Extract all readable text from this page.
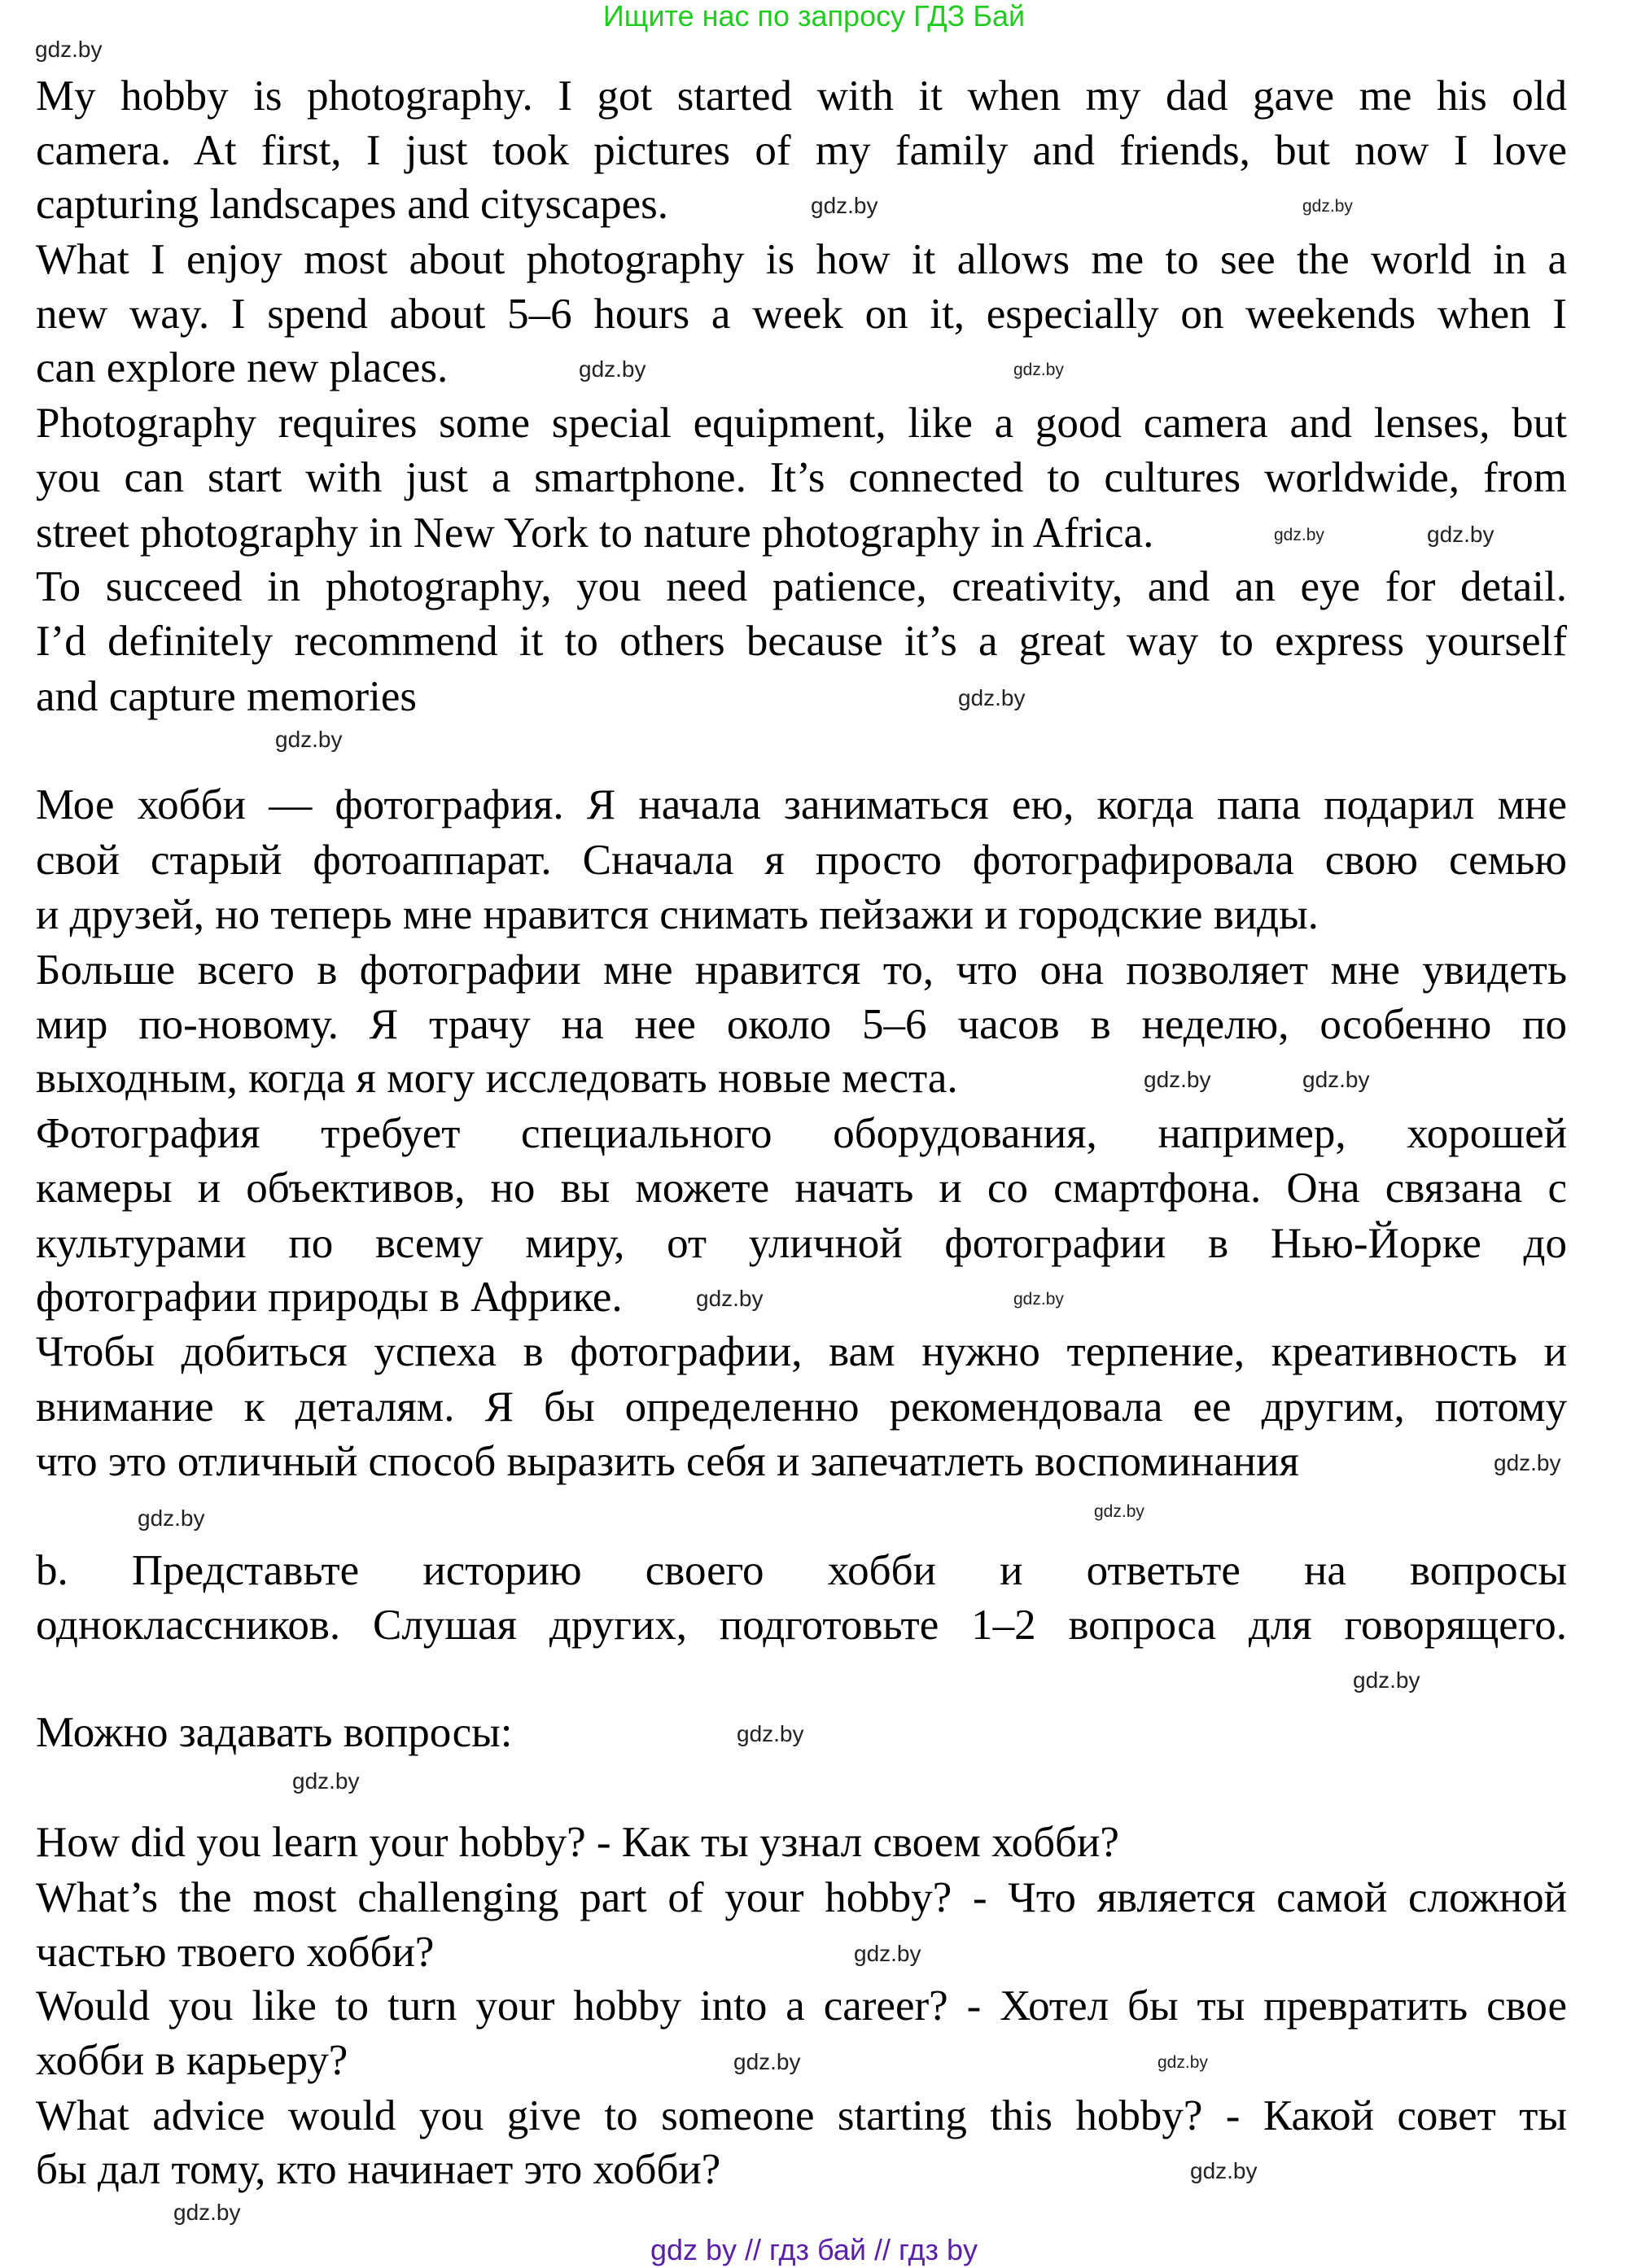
Ищите нас по запросу ГДЗ Бай
gdz by // гдз бай // гдз by
My hobby is photography. I got started with it when my dad gave me his old
camera. At first, I just took pictures of my family and friends, but now I love
capturing landscapes and cityscapes.
What I enjoy most about photography is how it allows me to see the world in a
new way. I spend about 5–6 hours a week on it, especially on weekends when I
can explore new places.
Photography requires some special equipment, like a good camera and lenses, but
you can start with just a smartphone. It’s connected to cultures worldwide, from
street photography in New York to nature photography in Africa.
To succeed in photography, you need patience, creativity, and an eye for detail.
I’d definitely recommend it to others because it’s a great way to express yourself
and capture memories
Мое хобби — фотография. Я начала заниматься ею, когда папа подарил мне
свой старый фотоаппарат. Сначала я просто фотографировала свою семью
и друзей, но теперь мне нравится снимать пейзажи и городские виды.
Больше всего в фотографии мне нравится то, что она позволяет мне увидеть
мир по-новому. Я трачу на нее около 5–6 часов в неделю, особенно по
выходным, когда я могу исследовать новые места.
Фотография требует специального оборудования, например, хорошей
камеры и объективов, но вы можете начать и со смартфона. Она связана с
культурами по всему миру, от уличной фотографии в Нью-Йорке до
фотографии природы в Африке.
Чтобы добиться успеха в фотографии, вам нужно терпение, креативность и
внимание к деталям. Я бы определенно рекомендовала ее другим, потому
что это отличный способ выразить себя и запечатлеть воспоминания
b. Представьте историю своего хобби и ответьте на вопросы
одноклассников. Слушая других, подготовьте 1–2 вопроса для говорящего.
Можно задавать вопросы:
How did you learn your hobby? - Как ты узнал своем хобби?
What’s the most challenging part of your hobby? - Что является самой сложной
частью твоего хобби?
Would you like to turn your hobby into a career? - Хотел бы ты превратить свое
хобби в карьеру?
What advice would you give to someone starting this hobby? - Какой совет ты
бы дал тому, кто начинает это хобби?
gdz.by
gdz.by
gdz.by
gdz.by
gdz.by
gdz.by	gdz.by
gdz.by
gdz.by
gdz.by
gdz.by	gdz.by
gdz.by
gdz.by
gdz.by
gdz.by
gdz.by
gdz.by
gdz.by
gdz.by
gdz.by
gdz.by
gdz.by
gdz.by
